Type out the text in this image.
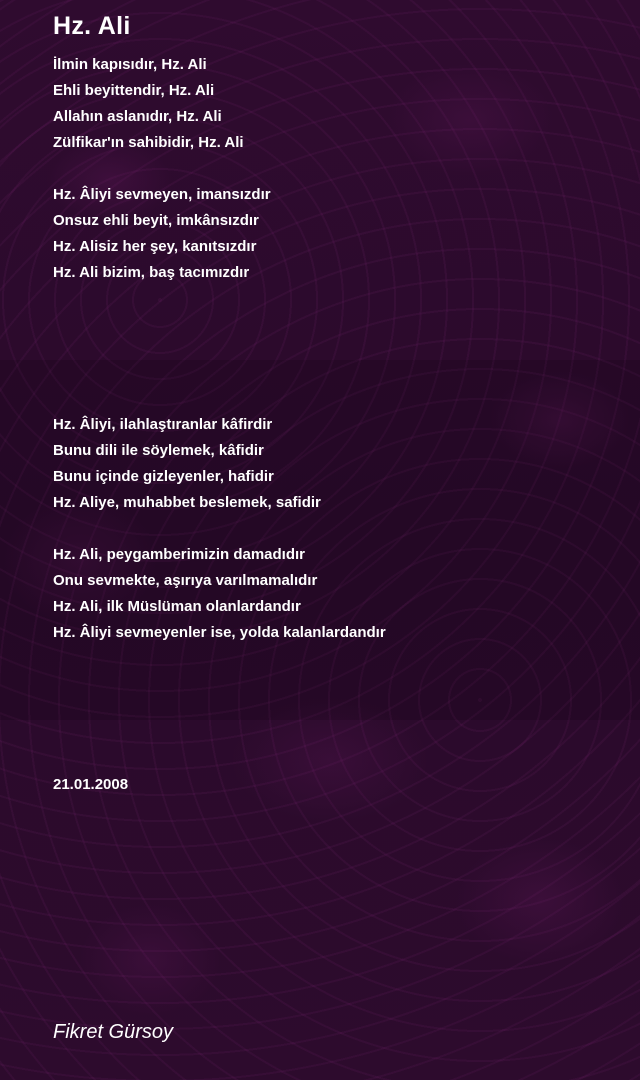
Hz. Ali
İlmin kapısıdır, Hz. Ali
Ehli beyittendir, Hz. Ali
Allahın aslanıdır, Hz. Ali
Zülfikar'ın sahibidir, Hz. Ali
Hz. Âliyi sevmeyen, imansızdır
Onsuz ehli beyit, imkânsızdır
Hz. Alisiz her şey, kanıtsızdır
Hz. Ali bizim, baş tacımızdır
Hz. Âliyi, ilahlaştıranlar kâfirdir
Bunu dili ile söylemek, kâfidir
Bunu içinde gizleyenler, hafidir
Hz. Aliye, muhabbet beslemek, safidir
Hz. Ali, peygamberimizin damadıdır
Onu sevmekte, aşırıya varılmamalıdır
Hz. Ali, ilk Müslüman olanlardandır
Hz. Âliyi sevmeyenler ise, yolda kalanlardandır
21.01.2008
Fikret Gürsoy
